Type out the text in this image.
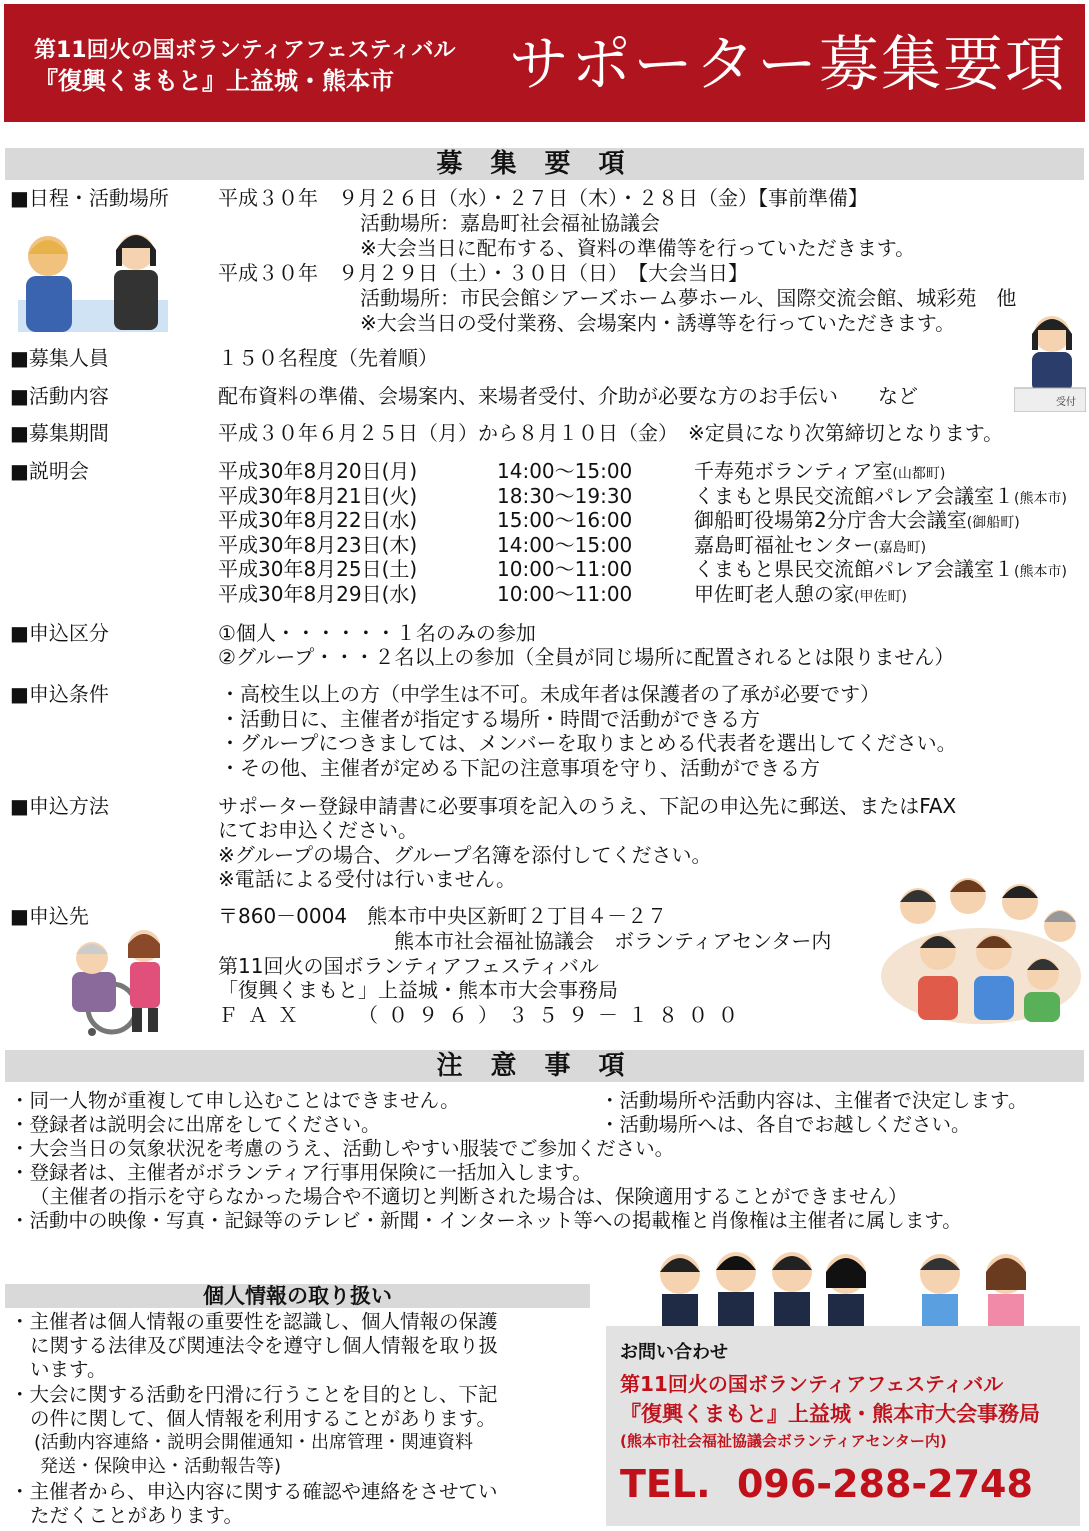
第11回火の国ボランティアフェスティバル
『復興くまもと』上益城・熊本市	サポーター募集要項
募集要項
■日程・活動場所 平成３０年　９月２６日（水）・２７日（木）・２８日（金）【事前準備】
活動場所：嘉島町社会福祉協議会
※大会当日に配布する、資料の準備等を行っていただきます。
平成３０年　９月２９日（土）・３０日（日）　【大会当日】
活動場所：市民会館シアーズホーム夢ホール、国際交流会館、城彩苑　他
※大会当日の受付業務、会場案内・誘導等を行っていただきます。
受付
■募集人員	１５０名程度（先着順）
■活動内容	配布資料の準備、会場案内、来場者受付、介助が必要な方のお手伝い　　など
■募集期間	平成３０年６月２５日（月）から８月１０日（金）　※定員になり次第締切となります。
■説明会	平成30年8月20日(月)	14:00～15:00	千寿苑ボランティア室(山都町)
平成30年8月21日(火)	18:30～19:30	くまもと県民交流館パレア会議室１(熊本市)
平成30年8月22日(水)	15:00～16:00	御船町役場第2分庁舎大会議室(御船町)
平成30年8月23日(木)	14:00～15:00	嘉島町福祉センター(嘉島町)
平成30年8月25日(土)	10:00～11:00	くまもと県民交流館パレア会議室１(熊本市)
平成30年8月29日(水)	10:00～11:00	甲佐町老人憩の家(甲佐町)
■申込区分	①個人・・・・・・１名のみの参加
②グループ・・・２名以上の参加（全員が同じ場所に配置されるとは限りません）
■申込条件	・高校生以上の方（中学生は不可。未成年者は保護者の了承が必要です）
・活動日に、主催者が指定する場所・時間で活動ができる方
・グループにつきましては、メンバーを取りまとめる代表者を選出してください。
・その他、主催者が定める下記の注意事項を守り、活動ができる方
■申込方法	サポーター登録申請書に必要事項を記入のうえ、下記の申込先に郵送、またはFAX
にてお申込ください。
※グループの場合、グループ名簿を添付してください。
※電話による受付は行いません。
■申込先	〒860－0004　熊本市中央区新町２丁目４－２７
熊本市社会福祉協議会　ボランティアセンター内
第11回火の国ボランティアフェスティバル
「復興くまもと」上益城・熊本市大会事務局
ＦＡＸ　　（０９６）３５９－１８００
注意事項
・同一人物が重複して申し込むことはできません。	・活動場所や活動内容は、主催者で決定します。
・登録者は説明会に出席をしてください。	・活動場所へは、各自でお越しください。
・大会当日の気象状況を考慮のうえ、活動しやすい服装でご参加ください。
・登録者は、主催者がボランティア行事用保険に一括加入します。
（主催者の指示を守らなかった場合や不適切と判断された場合は、保険適用することができません）
・活動中の映像・写真・記録等のテレビ・新聞・インターネット等への掲載権と肖像権は主催者に属します。
個人情報の取り扱い
・主催者は個人情報の重要性を認識し、個人情報の保護
に関する法律及び関連法令を遵守し個人情報を取り扱
います。
・大会に関する活動を円滑に行うことを目的とし、下記
の件に関して、個人情報を利用することがあります。
(活動内容連絡・説明会開催通知・出席管理・関連資料
発送・保険申込・活動報告等)
・主催者から、申込内容に関する確認や連絡をさせてい
ただくことがあります。
お問い合わせ
第11回火の国ボランティアフェスティバル
『復興くまもと』上益城・熊本市大会事務局
(熊本市社会福祉協議会ボランティアセンター内)
TEL.  096-288-2748
